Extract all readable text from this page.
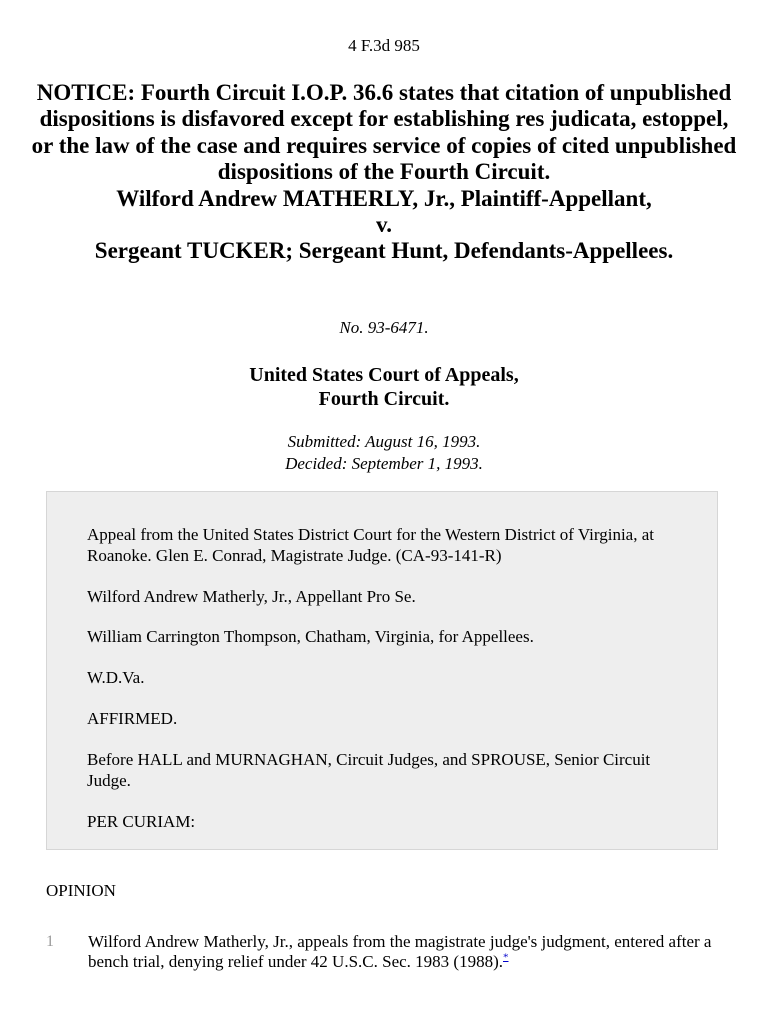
4 F.3d 985
NOTICE: Fourth Circuit I.O.P. 36.6 states that citation of unpublished dispositions is disfavored except for establishing res judicata, estoppel, or the law of the case and requires service of copies of cited unpublished dispositions of the Fourth Circuit.
Wilford Andrew MATHERLY, Jr., Plaintiff-Appellant,
v.
Sergeant TUCKER; Sergeant Hunt, Defendants-Appellees.
No. 93-6471.
United States Court of Appeals,
Fourth Circuit.
Submitted: August 16, 1993.
Decided: September 1, 1993.

Appeal from the United States District Court for the Western District of Virginia, at Roanoke. Glen E. Conrad, Magistrate Judge. (CA-93-141-R)

Wilford Andrew Matherly, Jr., Appellant Pro Se.

William Carrington Thompson, Chatham, Virginia, for Appellees.

W.D.Va.

AFFIRMED.

Before HALL and MURNAGHAN, Circuit Judges, and SPROUSE, Senior Circuit Judge.

PER CURIAM:

OPINION
1 Wilford Andrew Matherly, Jr., appeals from the magistrate judge's judgment, entered after a bench trial, denying relief under 42 U.S.C. Sec. 1983 (1988).*
